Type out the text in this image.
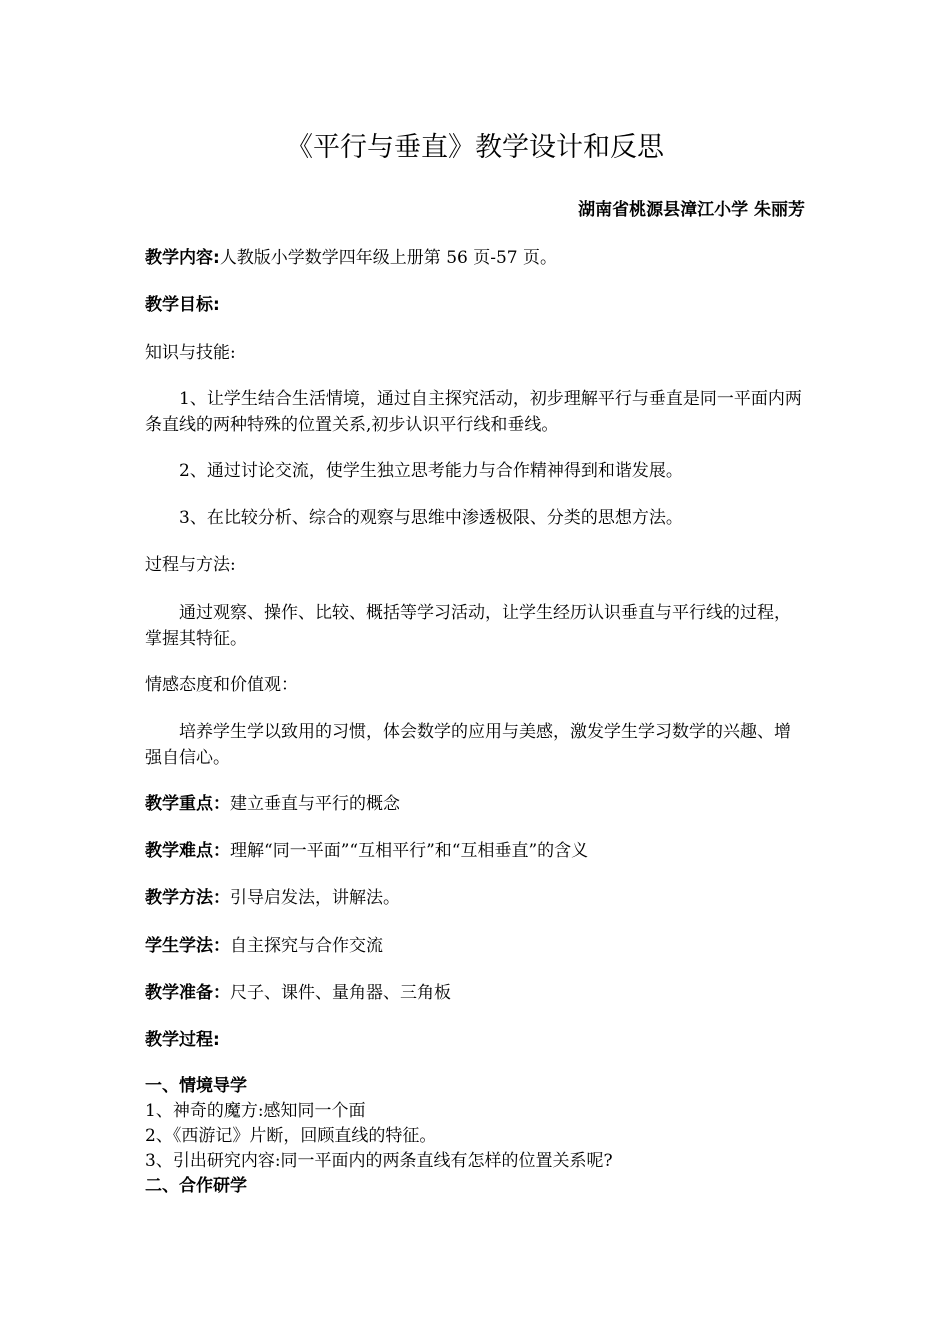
《平行与垂直》教学设计和反思
湖南省桃源县漳江小学 朱丽芳
教学内容:人教版小学数学四年级上册第 56 页-57 页。
教学目标:
知识与技能:
1、让学生结合生活情境，通过自主探究活动，初步理解平行与垂直是同一平面内两条直线的两种特殊的位置关系,初步认识平行线和垂线。
2、通过讨论交流，使学生独立思考能力与合作精神得到和谐发展。
3、在比较分析、综合的观察与思维中渗透极限、分类的思想方法。
过程与方法:
通过观察、操作、比较、概括等学习活动，让学生经历认识垂直与平行线的过程，掌握其特征。
情感态度和价值观：
培养学生学以致用的习惯，体会数学的应用与美感，激发学生学习数学的兴趣、增强自信心。
教学重点：建立垂直与平行的概念
教学难点：理解“同一平面”“互相平行”和“互相垂直”的含义
教学方法：引导启发法，讲解法。
学生学法：自主探究与合作交流
教学准备：尺子、课件、量角器、三角板
教学过程:
一、情境导学
1、神奇的魔方:感知同一个面
2、《西游记》片断，回顾直线的特征。
3、引出研究内容:同一平面内的两条直线有怎样的位置关系呢?
二、合作研学
